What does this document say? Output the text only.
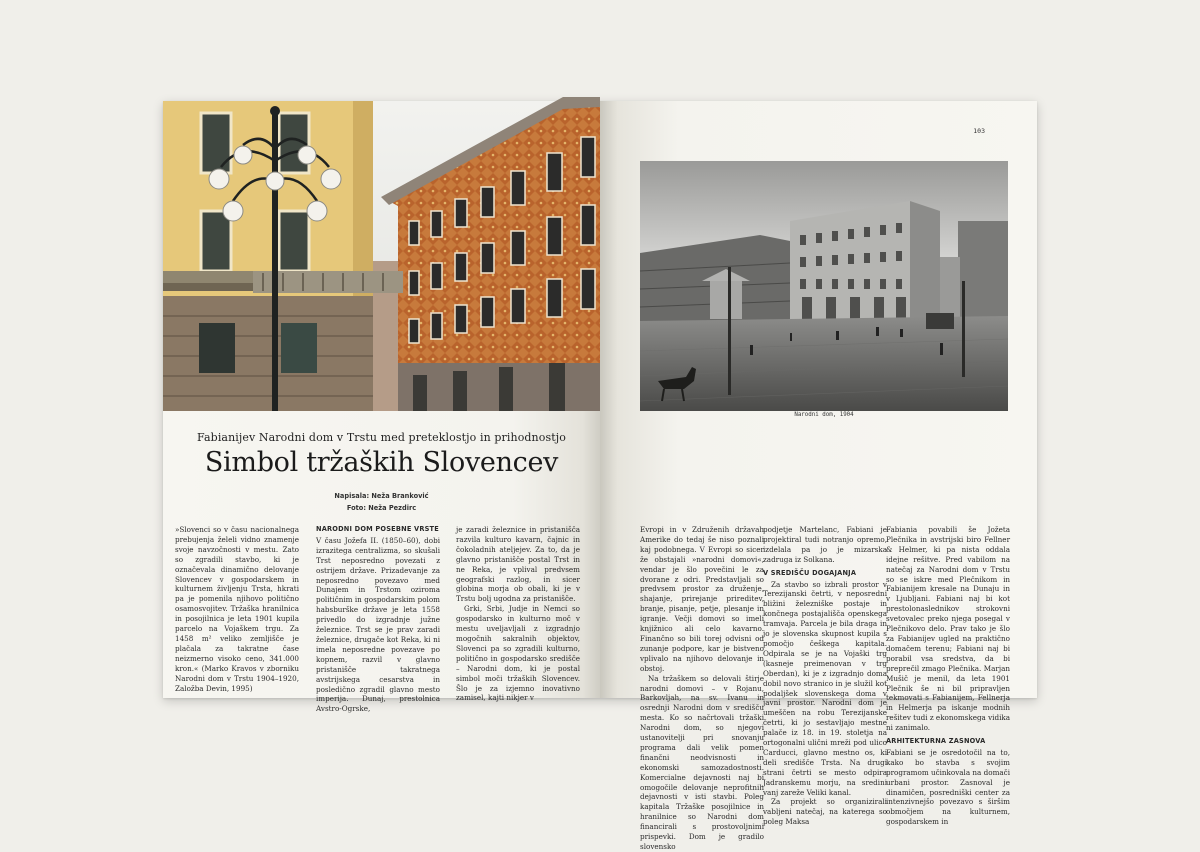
Fabianijev Narodni dom v Trstu med preteklostjo in prihodnostjo
Simbol tržaških Slovencev
Napisala: Neža Branković
Foto: Neža Pezdirc

»Slovenci so v času nacionalnega prebujenja želeli vidno znamenje svoje navzočnosti v mestu. Zato so zgradili stavbo, ki je označevala dinamično delovanje Slovencev v gospodarskem in kulturnem življenju Trsta, hkrati pa je pomenila njihovo politično osamosvojitev. Tržaška hranilnica in posojilnica je leta 1901 kupila parcelo na Vojaškem trgu. Za 1458 m² veliko zemljišče je plačala za takratne čase neizmerno visoko ceno, 341.000 kron.« (Marko Kravos v zborniku Narodni dom v Trstu 1904–1920, Založba Devin, 1995)

NARODNI DOM POSEBNE VRSTE

V času Jožefa II. (1850–60), dobi izrazitega centralizma, so skušali Trst neposredno povezati z ostrijem države. Prizadevanje za neposredno povezavo med Dunajem in Trstom oziroma političnim in gospodarskim polom habsburške države je leta 1558 privedlo do izgradnje južne železnice. Trst se je prav zaradi železnice, drugače kot Reka, ki ni imela neposredne povezave po kopnem, razvil v glavno pristanišče takratnega avstrijskega cesarstva in posledično zgradil glavno mesto imperija. Dunaj, prestolnica Avstro-Ogrske,

je zaradi železnice in pristanišča razvila kulturo kavarn, čajnic in čokoladnih ateljejev. Za to, da je glavno pristanišče postal Trst in ne Reka, je vplival predvsem geografski razlog, in sicer globina morja ob obali, ki je v Trstu bolj ugodna za pristanišče.

Grki, Srbi, Judje in Nemci so gospodarsko in kulturno moč v mestu uveljavljali z izgradnjo mogočnih sakralnih objektov, Slovenci pa so zgradili kulturno, politično in gospodarsko središče – Narodni dom, ki je postal simbol moči tržaških Slovencev. Šlo je za izjemno inovativno zamisel, kajti nikjer v

103
Narodni dom, 1904

Evropi in v Združenih državah Amerike do tedaj še niso poznali kaj podobnega. V Evropi so sicer že obstajali »narodni domovi«, vendar je šlo povečini le za dvorane z odri. Predstavljali so predvsem prostor za druženje, shajanje, prirejanje prireditev, branje, pisanje, petje, plesanje in igranje. Večji domovi so imeli knjižnico ali celo kavarno. Finančno so bili torej odvisni od zunanje podpore, kar je bistveno vplivalo na njihovo delovanje in obstoj.

Na tržaškem so delovali štirje narodni domovi – v Rojanu, Barkovljah, na sv. Ivanu in osrednji Narodni dom v središču mesta. Ko so načrtovali tržaški Narodni dom, so njegovi ustanovitelji pri snovanju programa dali velik pomen finančni neodvisnosti in ekonomski samozadostnosti. Komercialne dejavnosti naj bi omogočile delovanje neprofitnih dejavnosti v isti stavbi. Poleg kapitala Tržaške posojilnice in hranilnice so Narodni dom financirali s prostovoljnimi prispevki. Dom je gradilo slovensko

podjetje Martelanc, Fabiani je projektiral tudi notranjo opremo, izdelala pa jo je mizarska zadruga iz Solkana.

V SREDIŠČU DOGAJANJA

Za stavbo so izbrali prostor v Terezijanski četrti, v neposredni bližini železniške postaje in končnega postajališča openskega tramvaja. Parcela je bila draga in jo je slovenska skupnost kupila s pomočjo češkega kapitala. Odpirala se je na Vojaški trg (kasneje preimenovan v trg Oberdan), ki je z izgradnjo doma dobil novo stranico in je služil kot podaljšek slovenskega doma v javni prostor. Narodni dom je umeščen na robu Terezijanske četrti, ki jo sestavljajo mestne palače iz 18. in 19. stoletja na ortogonalni ulični mreži pod ulico Carducci, glavno mestno os, ki deli središče Trsta. Na drugi strani četrti se mesto odpira Jadranskemu morju, na sredini vanj zareže Veliki kanal.

Za projekt so organizirali vabljeni natečaj, na katerega so poleg Maksa

Fabiania povabili še Jožeta Plečnika in avstrijski biro Fellner & Helmer, ki pa nista oddala idejne rešitve. Pred vabilom na natečaj za Narodni dom v Trstu so se iskre med Plečnikom in Fabianijem kresale na Dunaju in v Ljubljani. Fabiani naj bi kot prestolonaslednikov strokovni svetovalec preko njega posegal v Plečnikovo delo. Prav tako je šlo za Fabianijev ugled na praktično domačem terenu; Fabiani naj bi porabil vsa sredstva, da bi preprečil zmago Plečnika. Marjan Mušič je menil, da leta 1901 Plečnik še ni bil pripravljen tekmovati s Fabianijem, Fellnerja in Helmerja pa iskanje modnih rešitev tudi z ekonomskega vidika ni zanimalo.

ARHITEKTURNA ZASNOVA

Fabiani se je osredotočil na to, kako bo stavba s svojim programom učinkovala na domači urbani prostor. Zasnoval je dinamičen, posredniški center za intenzivnejšo povezavo s širšim območjem na kulturnem, gospodarskem in
